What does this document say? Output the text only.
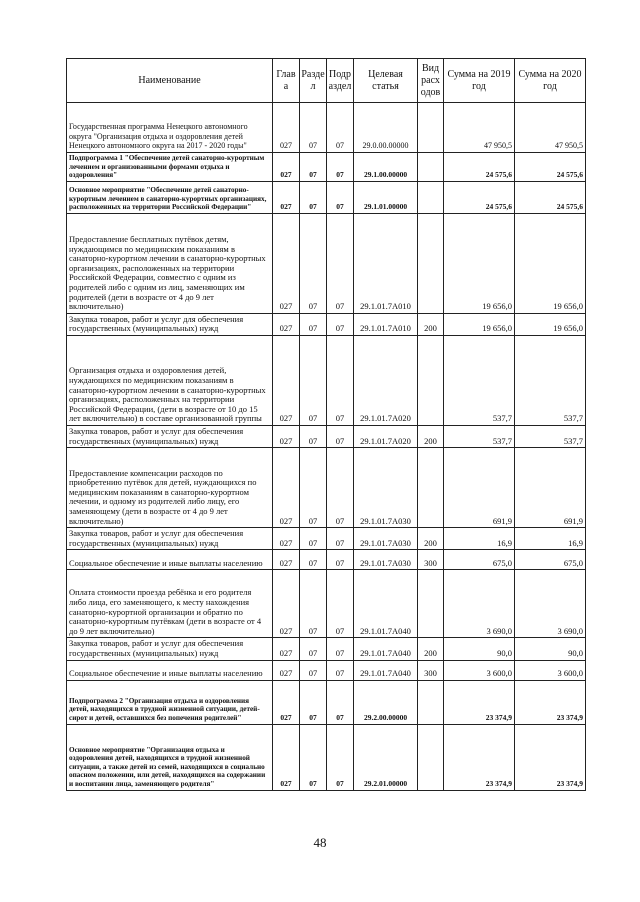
Наименование	Глав а	Разде л	Подр аздел	Целевая статья	Вид расх одов	Сумма на 2019 год	Сумма на 2020 год
Государственная программа Ненецкого автономного округа "Организация отдыха и оздоровления детей Ненецкого автономного округа на 2017 - 2020 годы"	027	07	07	29.0.00.00000		47 950,5	47 950,5
Подпрограмма 1 "Обеспечение детей санаторно-курортным лечением и организованными формами отдыха и оздоровления"	027	07	07	29.1.00.00000		24 575,6	24 575,6
Основное мероприятие "Обеспечение детей санаторно-курортным лечением в санаторно-курортных организациях, расположенных на территории Российской Федерации"	027	07	07	29.1.01.00000		24 575,6	24 575,6
Предоставление бесплатных путёвок детям, нуждающимся по медицинским показаниям в санаторно-курортном лечении в санаторно-курортных организациях, расположенных на территории Российской Федерации, совместно с одним из родителей либо с одним из лиц, заменяющих им родителей (дети в возрасте от 4 до 9 лет включительно)	027	07	07	29.1.01.7А010		19 656,0	19 656,0
Закупка товаров, работ и услуг для обеспечения государственных (муниципальных) нужд	027	07	07	29.1.01.7А010	200	19 656,0	19 656,0
Организация отдыха и оздоровления детей, нуждающихся по медицинским показаниям в санаторно-курортном лечении в санаторно-курортных организациях, расположенных на территории Российской Федерации, (дети в возрасте от 10 до 15 лет включительно) в составе организованной группы	027	07	07	29.1.01.7А020		537,7	537,7
Закупка товаров, работ и услуг для обеспечения государственных (муниципальных) нужд	027	07	07	29.1.01.7А020	200	537,7	537,7
Предоставление компенсации расходов по приобретению путёвок для детей, нуждающихся по медицинским показаниям в санаторно-курортном лечении, и одному из родителей либо лицу, его заменяющему (дети в возрасте от 4 до 9 лет включительно)	027	07	07	29.1.01.7А030		691,9	691,9
Закупка товаров, работ и услуг для обеспечения государственных (муниципальных) нужд	027	07	07	29.1.01.7А030	200	16,9	16,9
Социальное обеспечение и иные выплаты населению	027	07	07	29.1.01.7А030	300	675,0	675,0
Оплата стоимости проезда ребёнка и его родителя либо лица, его заменяющего, к месту нахождения санаторно-курортной организации и обратно по санаторно-курортным путёвкам (дети в возрасте от 4 до 9 лет включительно)	027	07	07	29.1.01.7А040		3 690,0	3 690,0
Закупка товаров, работ и услуг для обеспечения государственных (муниципальных) нужд	027	07	07	29.1.01.7А040	200	90,0	90,0
Социальное обеспечение и иные выплаты населению	027	07	07	29.1.01.7А040	300	3 600,0	3 600,0
Подпрограмма 2 "Организация отдыха и оздоровления детей, находящихся в трудной жизненной ситуации, детей-сирот и детей, оставшихся без попечения родителей"	027	07	07	29.2.00.00000		23 374,9	23 374,9
Основное мероприятие "Организация отдыха и оздоровления детей, находящихся в трудной жизненной ситуации, а также детей из семей, находящихся в социально опасном положении, или детей, находящихся на содержании и воспитании лица, заменяющего родителя"	027	07	07	29.2.01.00000		23 374,9	23 374,9
48
